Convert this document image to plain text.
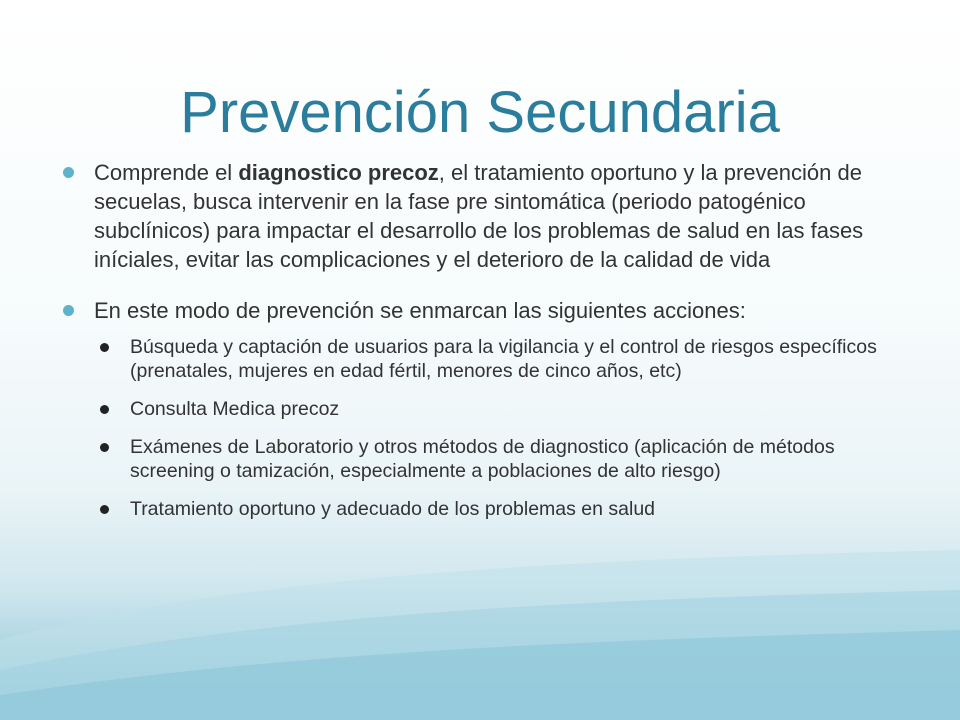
Prevención Secundaria
Comprende el diagnostico precoz, el tratamiento oportuno y la prevención de secuelas, busca intervenir en la fase pre sintomática (periodo patogénico subclínicos) para impactar el desarrollo de los problemas de salud en las fases iníciales, evitar las complicaciones y el deterioro de la calidad de vida
En este modo de prevención se enmarcan las siguientes acciones:
Búsqueda y captación de usuarios para la vigilancia y el control de riesgos específicos (prenatales, mujeres en edad fértil, menores de cinco años, etc)
Consulta Medica precoz
Exámenes de Laboratorio y otros métodos de diagnostico (aplicación de métodos screening o tamización, especialmente a poblaciones de alto riesgo)
Tratamiento oportuno y adecuado de los problemas en salud
